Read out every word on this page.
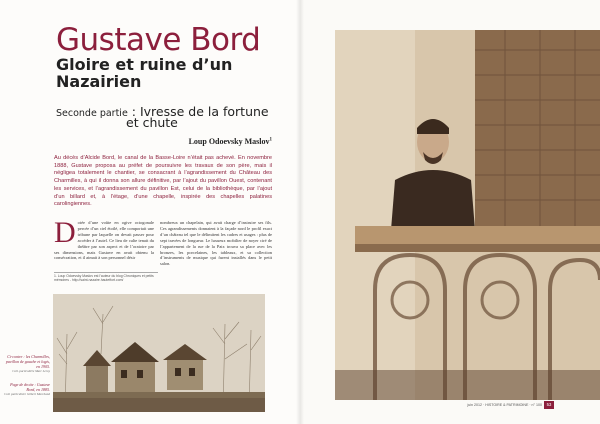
Gustave Bord
Gloire et ruine d’un Nazairien
Seconde partie : Ivresse de la fortune
et chute
Loup Odoevsky Maslov$^1$

Au décès d’Alcide Bord, le canal de la Basse-Loire n’était pas achevé. En novembre 1888, Gustave proposa au préfet de poursuivre les travaux de son père, mais il négligea totalement le chantier, se consacrant à l’agrandissement du Château des Charmilles, à qui il donna son allure définitive, par l’ajout du pavillon Ouest, contenant les services, et l’agrandissement du pavillon Est, celui de la bibliothèque, par l’ajout d’un billard et, à l’étage, d’une chapelle, inspirée des chapelles palatines carolingiennes.

Dotée d’une voûte en ogive octogonale percée d’un ciel étoilé, elle comportait une tribune par laquelle on devait passer pour accéder à l’autel. Ce lieu de culte tenait du théâtre par son aspect et de l’oratoire par ses dimensions, mais Gustave en avait obtenu la consécration, et il aimait à son personnel désir
nombreux un chapelain, qui avait charge d’instruire ses fils. Ces agrandissements donnaient à la façade nord le profil exact d’un château tel que le délimitent les cadres et usages : plus de sept travées de longueur. Le luxueux mobilier de noyer ciré de l’appartement de la rue de la Paix trouva sa place avec les bronzes, les porcelaines, les tableaux, et sa collection d’instruments de musique qui furent installés dans le petit salon.
1. Loup Odoevsky Maslov est l’auteur du blog Chroniques et petits mémoires - http://saint-nazaire.hautetfort.com/
Ci-contre : les Charmilles, pavillon de gauche et logis, en 1905.
Coll. particulière Marc Leroy
Page de droite : Gustave Bord, en 1885.
Coll. particulière Gilbert Marchand
juin 2012 · HISTOIRE & PATRIMOINE · n° 100	53
